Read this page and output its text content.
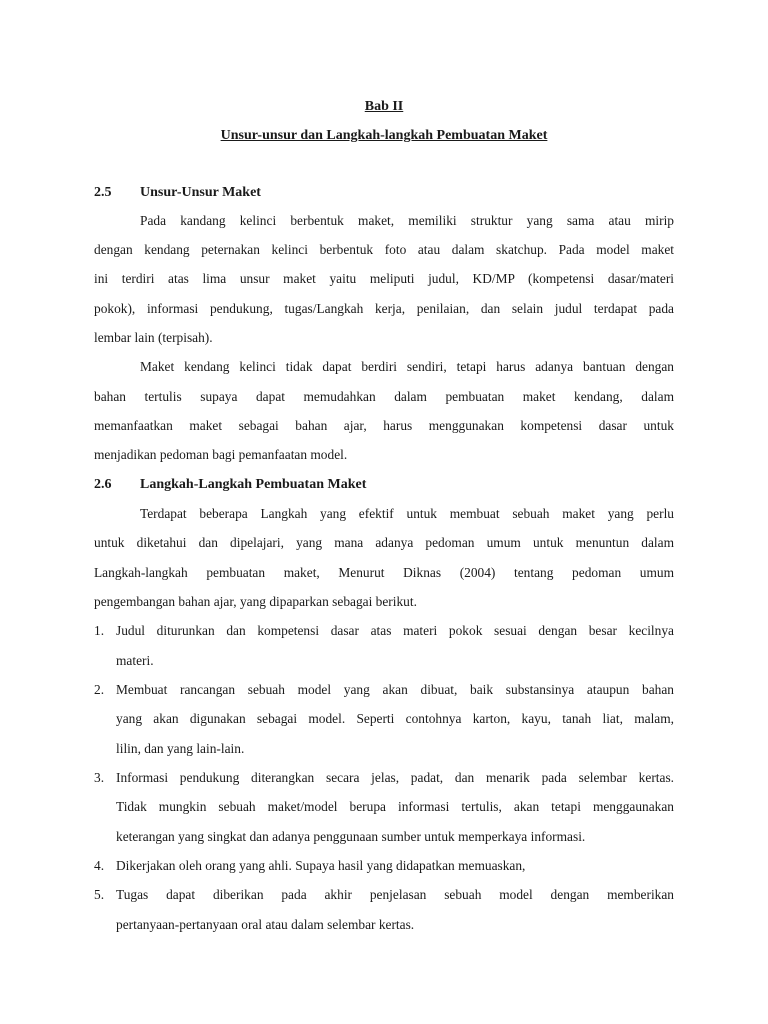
Bab II
Unsur-unsur dan Langkah-langkah Pembuatan Maket
2.5 Unsur-Unsur Maket
Pada kandang kelinci berbentuk maket, memiliki struktur yang sama atau mirip
dengan kendang peternakan kelinci berbentuk foto atau dalam skatchup. Pada model maket
ini terdiri atas lima unsur maket yaitu meliputi judul, KD/MP (kompetensi dasar/materi
pokok), informasi pendukung, tugas/Langkah kerja, penilaian, dan selain judul terdapat pada
lembar lain (terpisah).
Maket kendang kelinci tidak dapat berdiri sendiri, tetapi harus adanya bantuan dengan
bahan tertulis supaya dapat memudahkan dalam pembuatan maket kendang, dalam
memanfaatkan maket sebagai bahan ajar, harus menggunakan kompetensi dasar untuk
menjadikan pedoman bagi pemanfaatan model.
2.6 Langkah-Langkah Pembuatan Maket
Terdapat beberapa Langkah yang efektif untuk membuat sebuah maket yang perlu
untuk diketahui dan dipelajari, yang mana adanya pedoman umum untuk menuntun dalam
Langkah-langkah pembuatan maket, Menurut Diknas (2004) tentang pedoman umum
pengembangan bahan ajar, yang dipaparkan sebagai berikut.
1. Judul diturunkan dan kompetensi dasar atas materi pokok sesuai dengan besar kecilnya
materi.
2. Membuat rancangan sebuah model yang akan dibuat, baik substansinya ataupun bahan
yang akan digunakan sebagai model. Seperti contohnya karton, kayu, tanah liat, malam,
lilin, dan yang lain-lain.
3. Informasi pendukung diterangkan secara jelas, padat, dan menarik pada selembar kertas.
Tidak mungkin sebuah maket/model berupa informasi tertulis, akan tetapi menggaunakan
keterangan yang singkat dan adanya penggunaan sumber untuk memperkaya informasi.
4. Dikerjakan oleh orang yang ahli. Supaya hasil yang didapatkan memuaskan,
5. Tugas dapat diberikan pada akhir penjelasan sebuah model dengan memberikan
pertanyaan-pertanyaan oral atau dalam selembar kertas.
